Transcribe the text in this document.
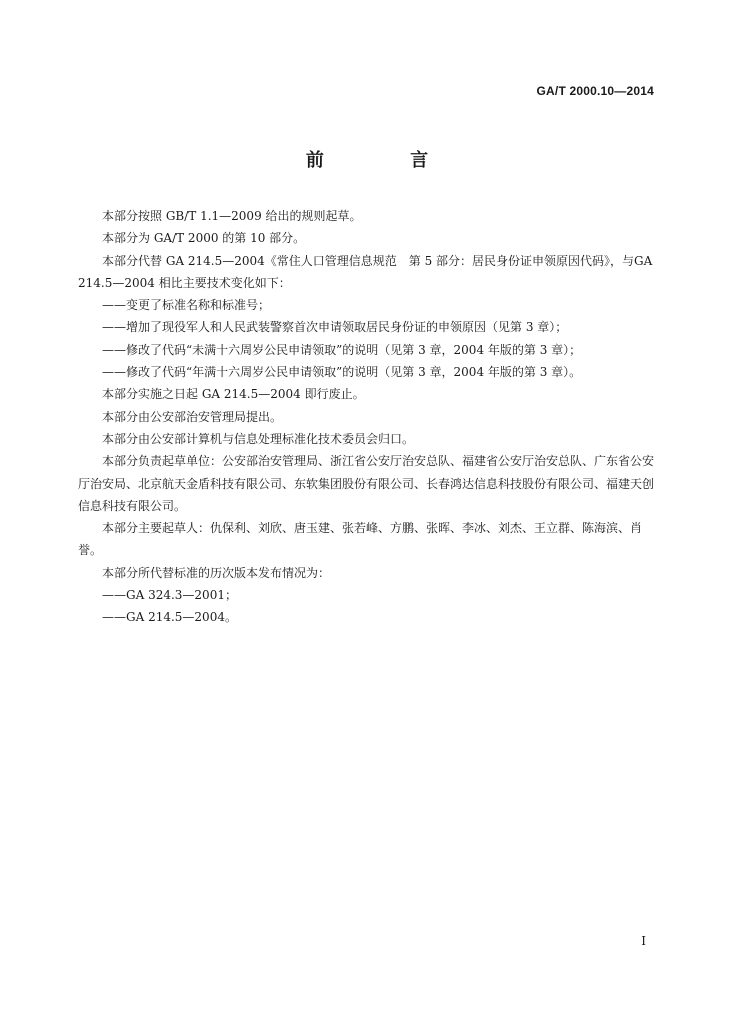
GA/T 2000.10—2014
前 言

本部分按照 GB/T 1.1—2009 给出的规则起草。

本部分为 GA/T 2000 的第 10 部分。

本部分代替 GA 214.5—2004《常住人口管理信息规范　第 5 部分：居民身份证申领原因代码》，与GA 214.5—2004 相比主要技术变化如下：

——变更了标准名称和标准号；

——增加了现役军人和人民武装警察首次申请领取居民身份证的申领原因（见第 3 章）；

——修改了代码“未满十六周岁公民申请领取”的说明（见第 3 章，2004 年版的第 3 章）；

——修改了代码“年满十六周岁公民申请领取”的说明（见第 3 章，2004 年版的第 3 章）。

本部分实施之日起 GA 214.5—2004 即行废止。

本部分由公安部治安管理局提出。

本部分由公安部计算机与信息处理标准化技术委员会归口。

本部分负责起草单位：公安部治安管理局、浙江省公安厅治安总队、福建省公安厅治安总队、广东省公安厅治安局、北京航天金盾科技有限公司、东软集团股份有限公司、长春鸿达信息科技股份有限公司、福建天创信息科技有限公司。

本部分主要起草人：仇保利、刘欣、唐玉建、张若峰、方鹏、张晖、李冰、刘杰、王立群、陈海滨、肖誉。

本部分所代替标准的历次版本发布情况为：

——GA 324.3—2001；

——GA 214.5—2004。

I
